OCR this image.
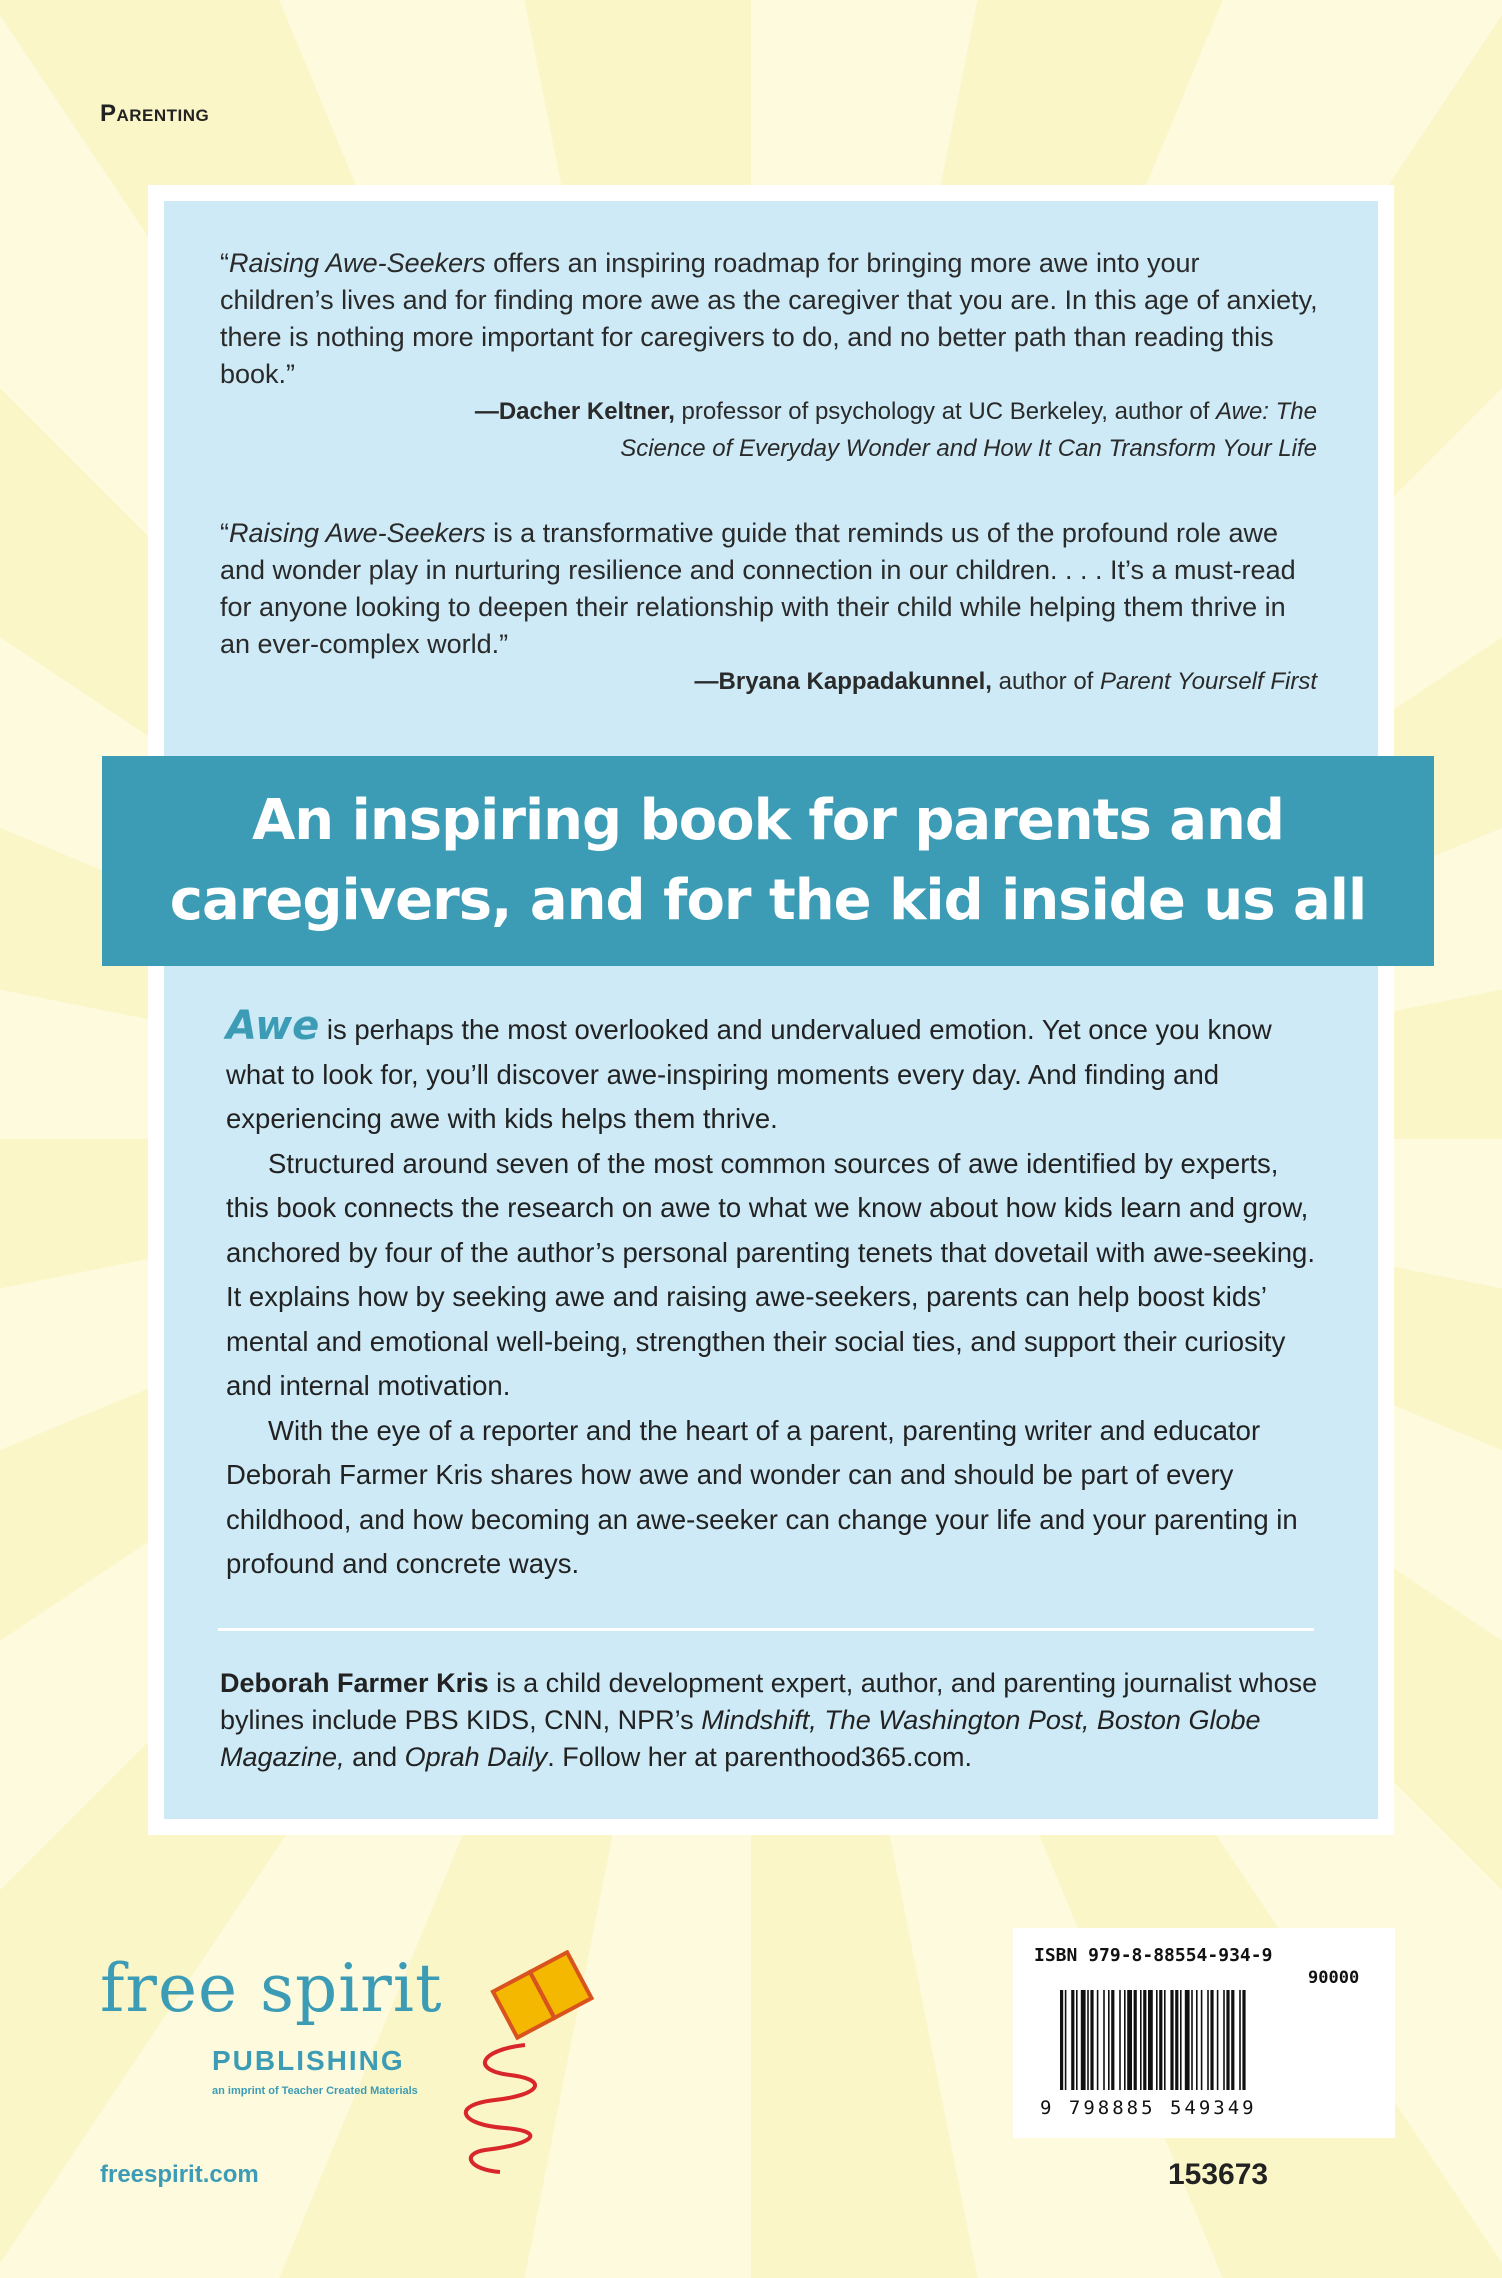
Parenting

“Raising Awe-Seekers offers an inspiring roadmap for bringing more awe into your children’s lives and for finding more awe as the caregiver that you are. In this age of anxiety, there is nothing more important for caregivers to do, and no better path than reading this book.”

—Dacher Keltner, professor of psychology at UC Berkeley, author of Awe: The
Science of Everyday Wonder and How It Can Transform Your Life

“Raising Awe-Seekers is a transformative guide that reminds us of the profound role awe and wonder play in nurturing resilience and connection in our children. . . . It’s a must-read for anyone looking to deepen their relationship with their child while helping them thrive in an ever-complex world.”

—Bryana Kappadakunnel, author of Parent Yourself First

An inspiring book for parents and
caregivers, and for the kid inside us all

Awe is perhaps the most overlooked and undervalued emotion. Yet once you know what to look for, you’ll discover awe-inspiring moments every day. And finding and experiencing awe with kids helps them thrive.

Structured around seven of the most common sources of awe identified by experts, this book connects the research on awe to what we know about how kids learn and grow, anchored by four of the author’s personal parenting tenets that dovetail with awe-seeking. It explains how by seeking awe and raising awe-seekers, parents can help boost kids’ mental and emotional well-being, strengthen their social ties, and support their curiosity and internal motivation.

With the eye of a reporter and the heart of a parent, parenting writer and educator Deborah Farmer Kris shares how awe and wonder can and should be part of every childhood, and how becoming an awe-seeker can change your life and your parenting in profound and concrete ways.

Deborah Farmer Kris is a child development expert, author, and parenting journalist whose bylines include PBS KIDS, CNN, NPR’s Mindshift, The Washington Post, Boston Globe Magazine, and Oprah Daily. Follow her at parenthood365.com.
free spirit
PUBLISHING
an imprint of Teacher Created Materials
freespirit.com
ISBN 979-8-88554-934-9
90000
9 798885 549349
153673
